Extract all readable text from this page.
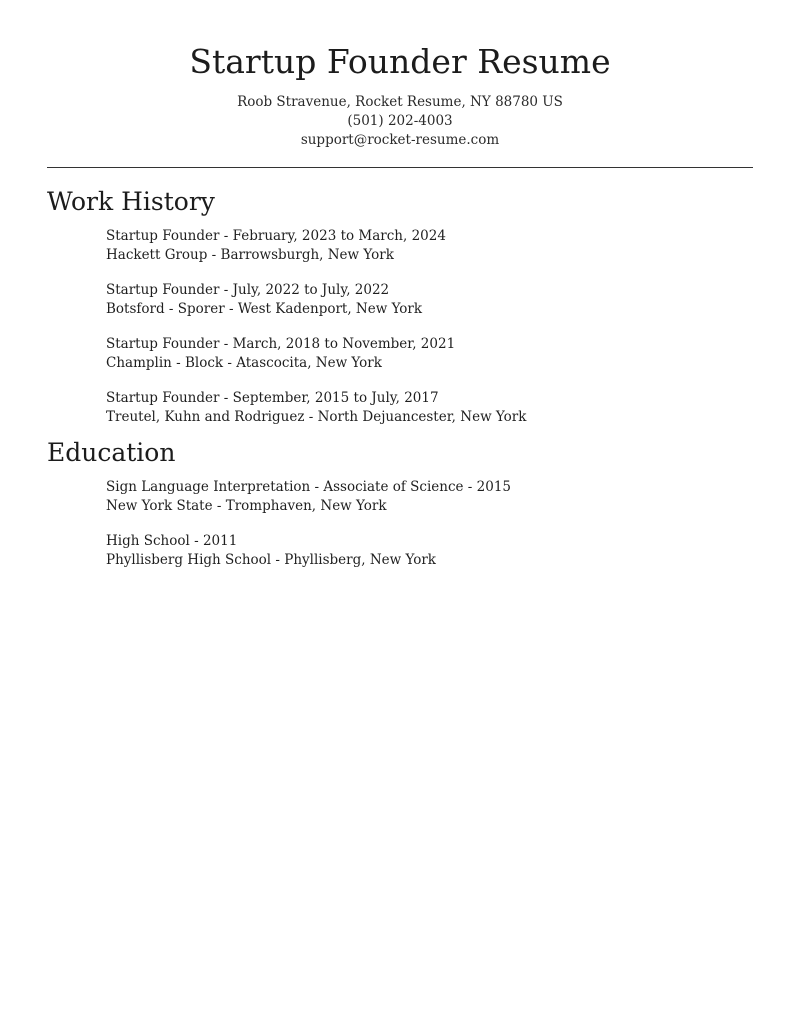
Startup Founder Resume
Roob Stravenue, Rocket Resume, NY 88780 US
(501) 202-4003
support@rocket-resume.com
Work History
Startup Founder - February, 2023 to March, 2024
Hackett Group - Barrowsburgh, New York
Startup Founder - July, 2022 to July, 2022
Botsford - Sporer - West Kadenport, New York
Startup Founder - March, 2018 to November, 2021
Champlin - Block - Atascocita, New York
Startup Founder - September, 2015 to July, 2017
Treutel, Kuhn and Rodriguez - North Dejuancester, New York
Education
Sign Language Interpretation - Associate of Science - 2015
New York State - Tromphaven, New York
High School - 2011
Phyllisberg High School - Phyllisberg, New York
